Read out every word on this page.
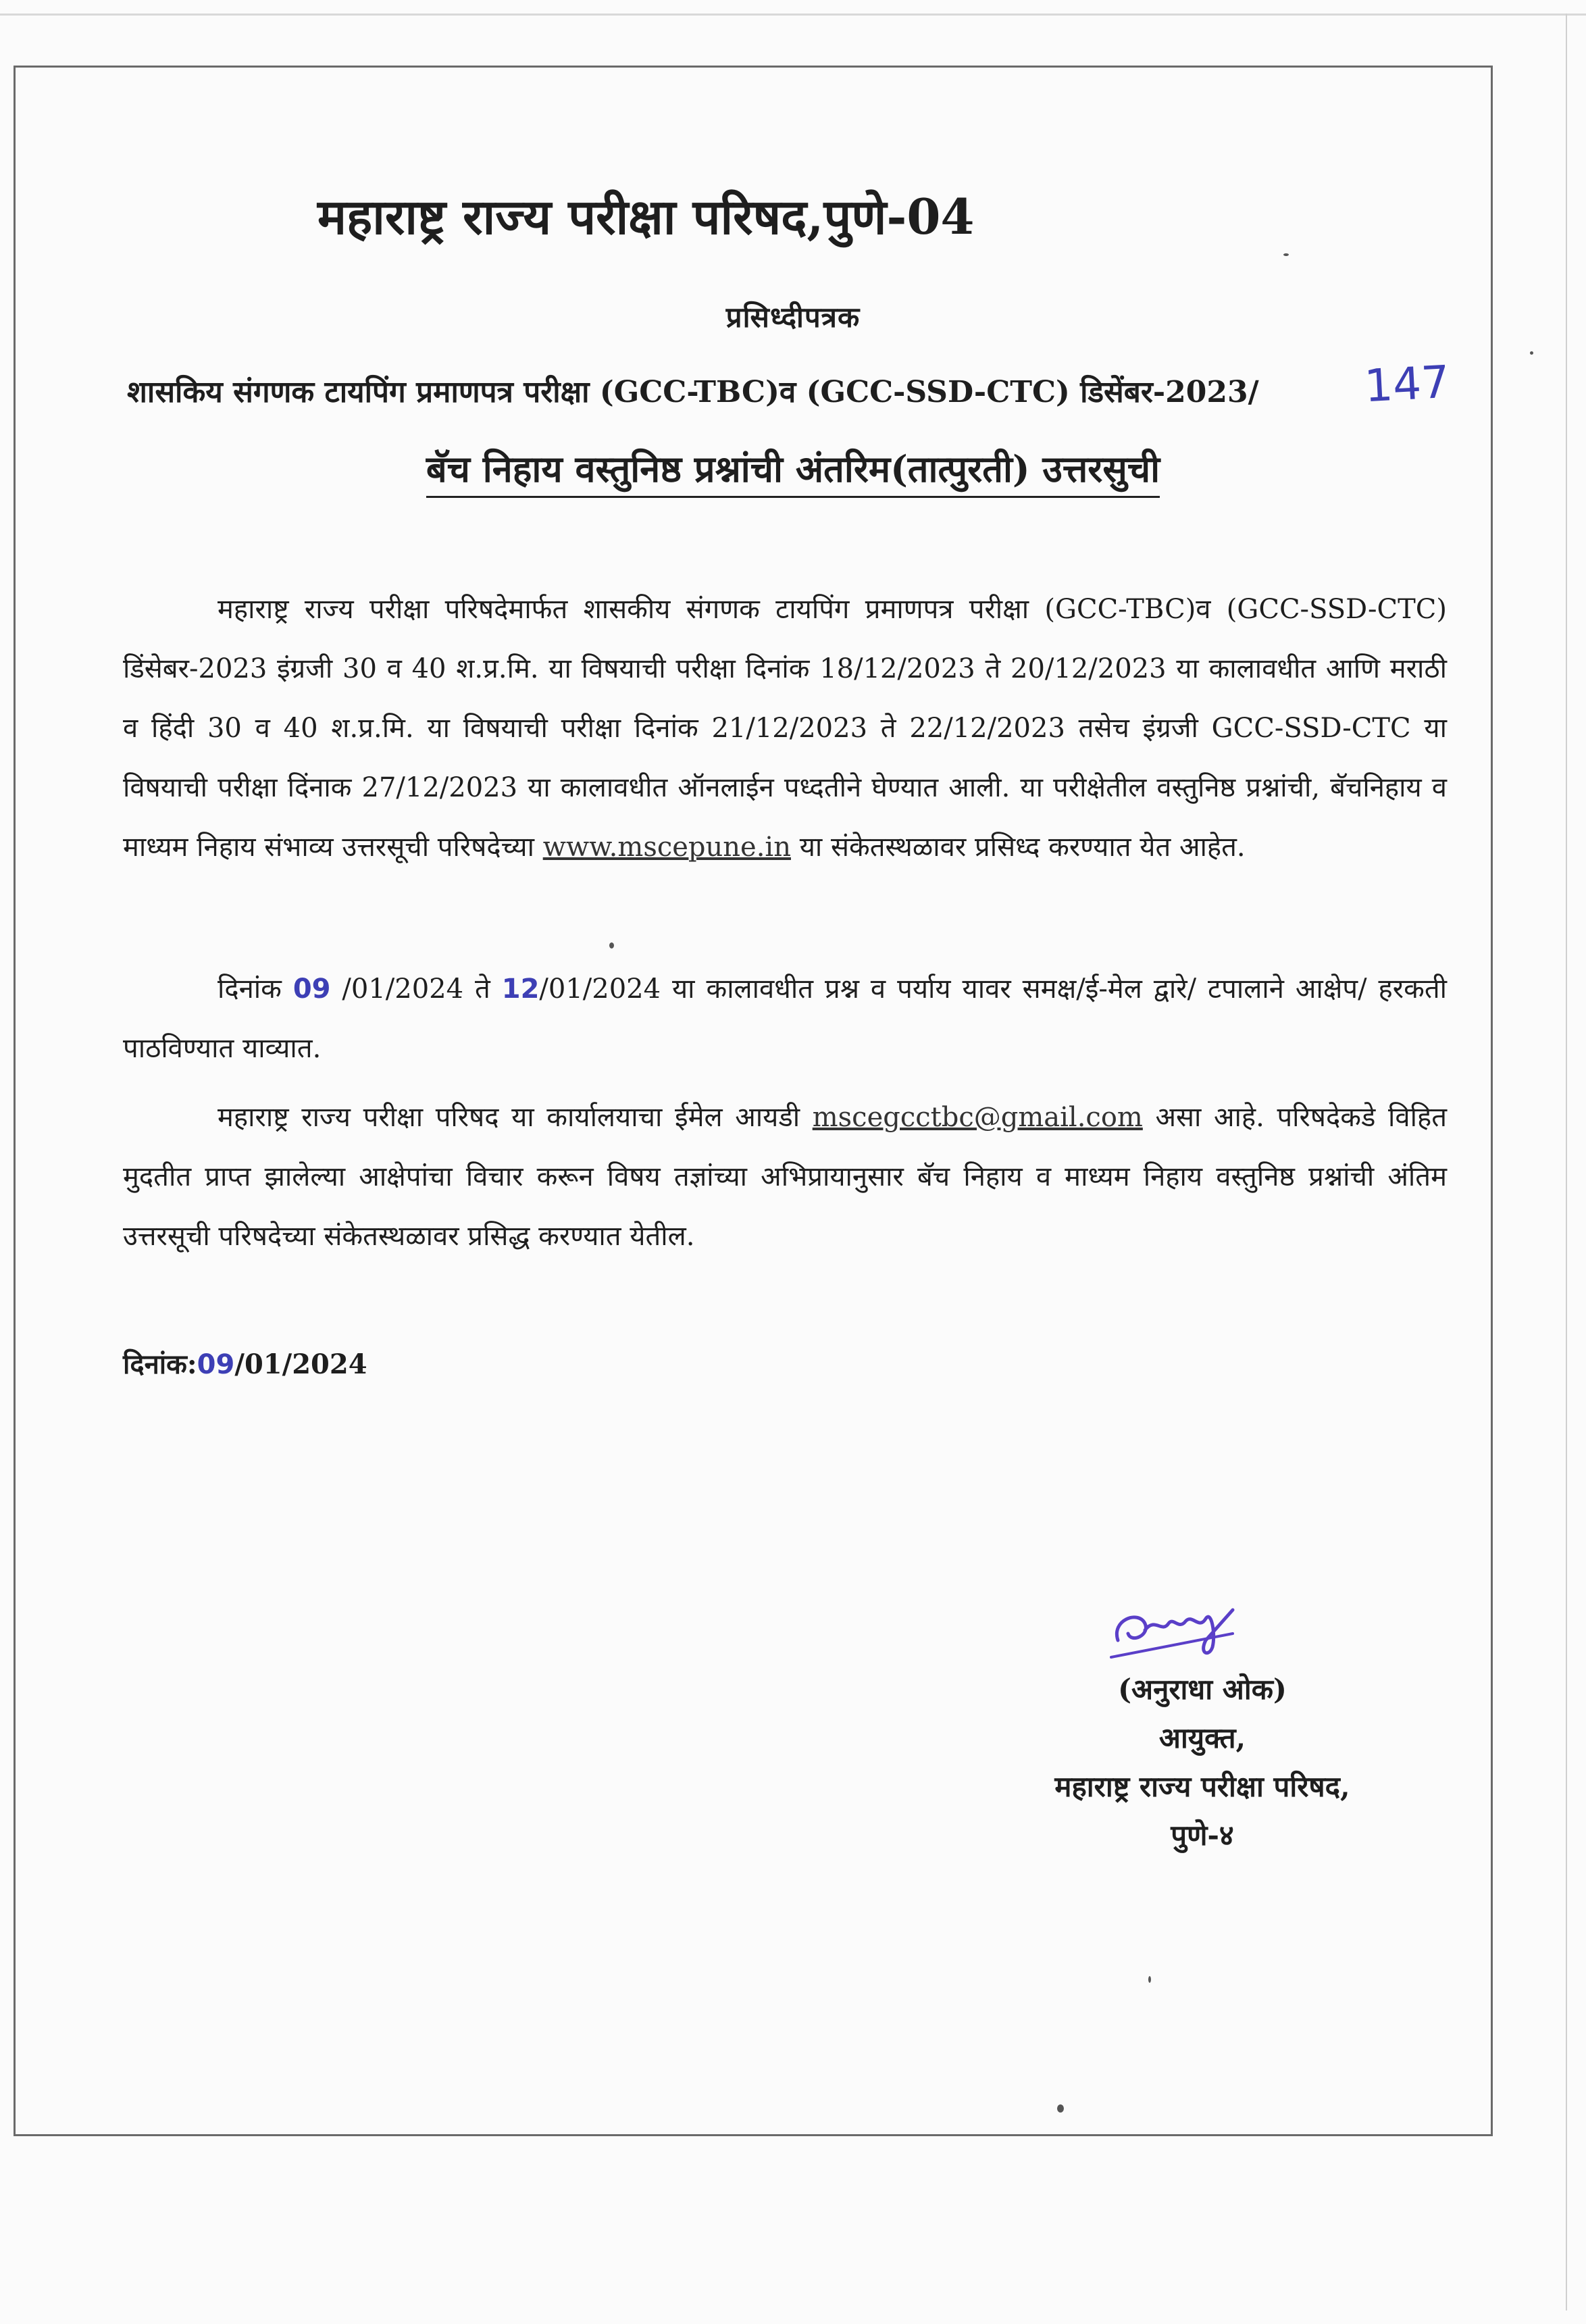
महाराष्ट्र राज्य परीक्षा परिषद,पुणे-04
प्रसिध्दीपत्रक
शासकिय संगणक टायपिंग प्रमाणपत्र परीक्षा (GCC-TBC)व (GCC-SSD-CTC) डिसेंबर-2023/	147
बॅच निहाय वस्तुनिष्ठ प्रश्नांची अंतरिम(तात्पुरती) उत्तरसुची
महाराष्ट्र राज्य परीक्षा परिषदेमार्फत शासकीय संगणक टायपिंग प्रमाणपत्र परीक्षा (GCC-TBC)व (GCC-SSD-CTC) डिंसेबर-2023 इंग्रजी 30 व 40 श.प्र.मि. या विषयाची परीक्षा दिनांक 18/12/2023 ते 20/12/2023 या कालावधीत आणि मराठी व हिंदी 30 व 40 श.प्र.मि. या विषयाची परीक्षा दिनांक 21/12/2023 ते 22/12/2023 तसेच इंग्रजी GCC-SSD-CTC या विषयाची परीक्षा दिंनाक 27/12/2023 या कालावधीत ऑनलाईन पध्दतीने घेण्यात आली. या परीक्षेतील वस्तुनिष्ठ प्रश्नांची, बॅचनिहाय व माध्यम निहाय संभाव्य उत्तरसूची परिषदेच्या www.mscepune.in या संकेतस्थळावर प्रसिध्द करण्यात येत आहेत.
दिनांक 09 /01/2024 ते 12/01/2024 या कालावधीत प्रश्न व पर्याय यावर समक्ष/ई-मेल द्वारे/ टपालाने आक्षेप/ हरकती पाठविण्यात याव्यात.
महाराष्ट्र राज्य परीक्षा परिषद या कार्यालयाचा ईमेल आयडी mscegcctbc@gmail.com असा आहे. परिषदेकडे विहित मुदतीत प्राप्त झालेल्या आक्षेपांचा विचार करून विषय तज्ञांच्या अभिप्रायानुसार बॅच निहाय व माध्यम निहाय वस्तुनिष्ठ प्रश्नांची अंतिम उत्तरसूची परिषदेच्या संकेतस्थळावर प्रसिद्ध करण्यात येतील.
दिनांक:09/01/2024
(अनुराधा ओक)
आयुक्त,
महाराष्ट्र राज्य परीक्षा परिषद,
पुणे-४
